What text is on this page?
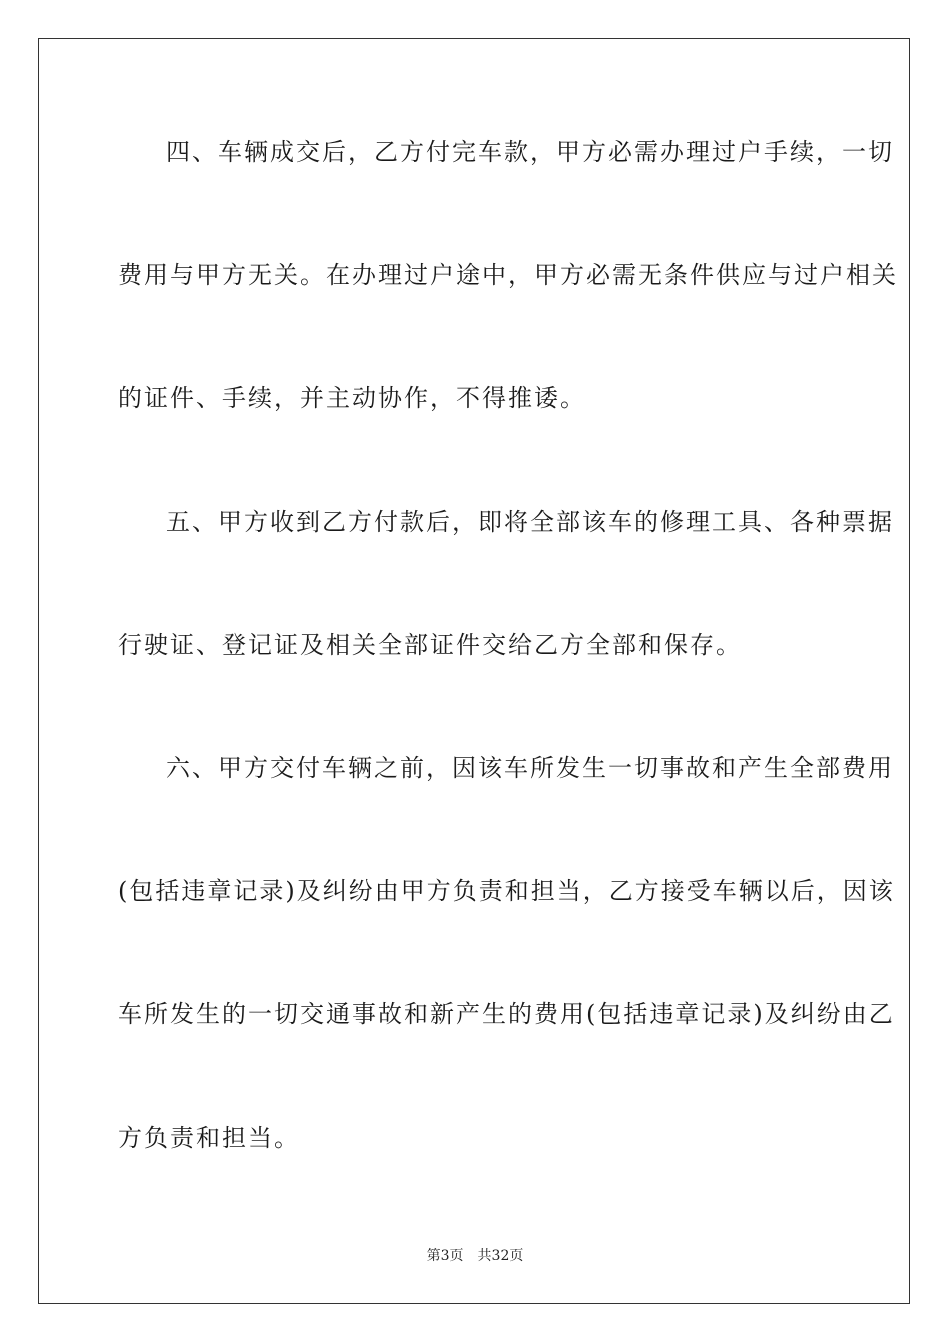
四、车辆成交后，乙方付完车款，甲方必需办理过户手续，一切
费用与甲方无关。在办理过户途中，甲方必需无条件供应与过户相关
的证件、手续，并主动协作，不得推诿。
五、甲方收到乙方付款后，即将全部该车的修理工具、各种票据
行驶证、登记证及相关全部证件交给乙方全部和保存。
六、甲方交付车辆之前，因该车所发生一切事故和产生全部费用
(包括违章记录)及纠纷由甲方负责和担当，乙方接受车辆以后，因该
车所发生的一切交通事故和新产生的费用(包括违章记录)及纠纷由乙
方负责和担当。
第3页 共32页
